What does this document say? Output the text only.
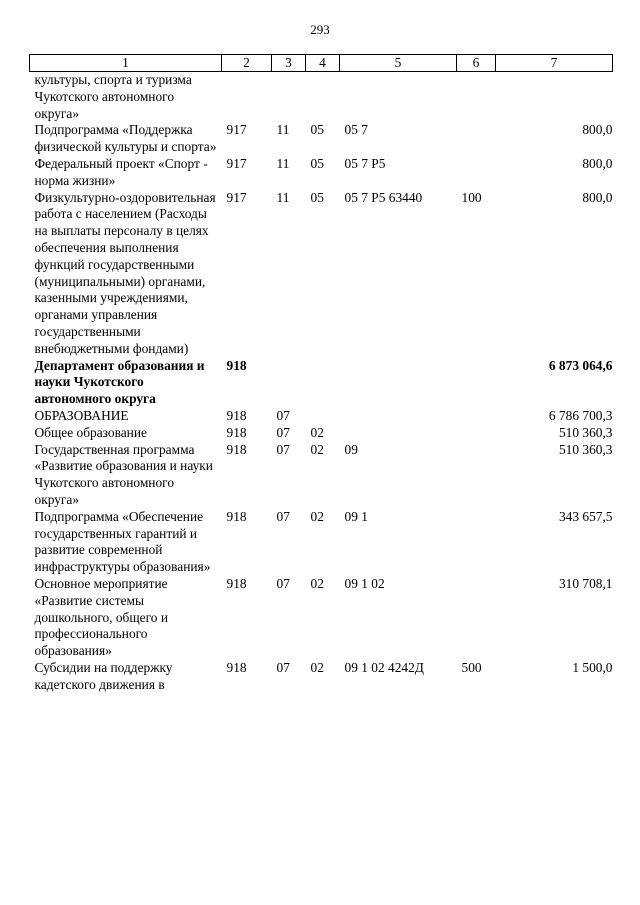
293
1	2	3	4	5	6	7
культуры, спорта и туризма Чукотского автономного округа»						
Подпрограмма «Поддержка физической культуры и спорта»	917	11	05	05 7		800,0
Федеральный проект «Спорт - норма жизни»	917	11	05	05 7 P5		800,0
Физкультурно-оздоровительная работа с населением (Расходы на выплаты персоналу в целях обеспечения выполнения функций государственными (муниципальными) органами, казенными учреждениями, органами управления государственными внебюджетными фондами)	917	11	05	05 7 P5 63440	100	800,0
Департамент образования и науки Чукотского автономного округа	918					6 873 064,6
ОБРАЗОВАНИЕ	918	07				6 786 700,3
Общее образование	918	07	02			510 360,3
Государственная программа «Развитие образования и науки Чукотского автономного округа»	918	07	02	09		510 360,3
Подпрограмма «Обеспечение государственных гарантий и развитие современной инфраструктуры образования»	918	07	02	09 1		343 657,5
Основное мероприятие «Развитие системы дошкольного, общего и профессионального образования»	918	07	02	09 1 02		310 708,1
Субсидии на поддержку кадетского движения в	918	07	02	09 1 02 4242Д	500	1 500,0
